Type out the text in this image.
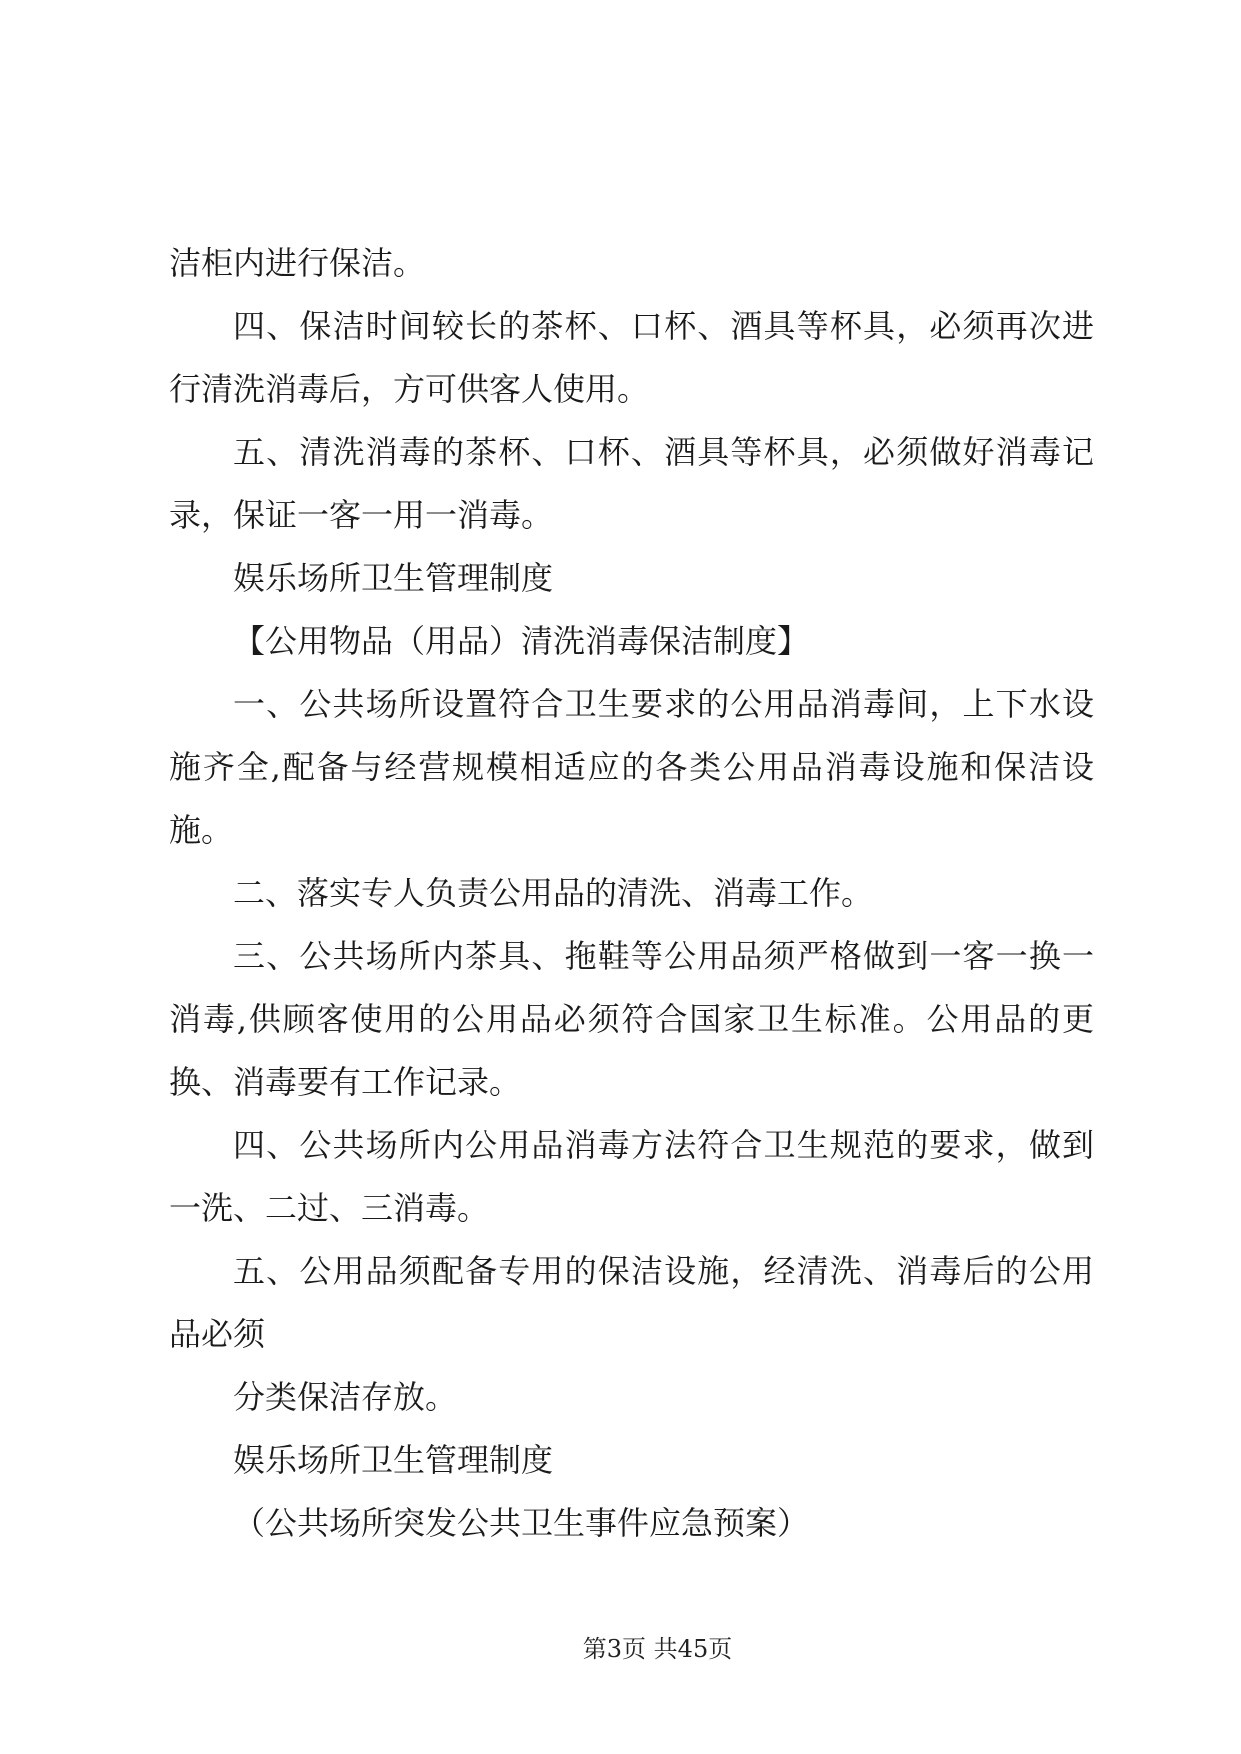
洁柜内进行保洁。
四、保洁时间较长的茶杯、口杯、酒具等杯具，必须再次进
行清洗消毒后，方可供客人使用。
五、清洗消毒的茶杯、口杯、酒具等杯具，必须做好消毒记
录，保证一客一用一消毒。
娱乐场所卫生管理制度
【公用物品（用品）清洗消毒保洁制度】
一、公共场所设置符合卫生要求的公用品消毒间，上下水设
施齐全,配备与经营规模相适应的各类公用品消毒设施和保洁设
施。
二、落实专人负责公用品的清洗、消毒工作。
三、公共场所内茶具、拖鞋等公用品须严格做到一客一换一
消毒,供顾客使用的公用品必须符合国家卫生标准。公用品的更
换、消毒要有工作记录。
四、公共场所内公用品消毒方法符合卫生规范的要求，做到
一洗、二过、三消毒。
五、公用品须配备专用的保洁设施，经清洗、消毒后的公用
品必须
分类保洁存放。
娱乐场所卫生管理制度
（公共场所突发公共卫生事件应急预案）
第3页 共45页
